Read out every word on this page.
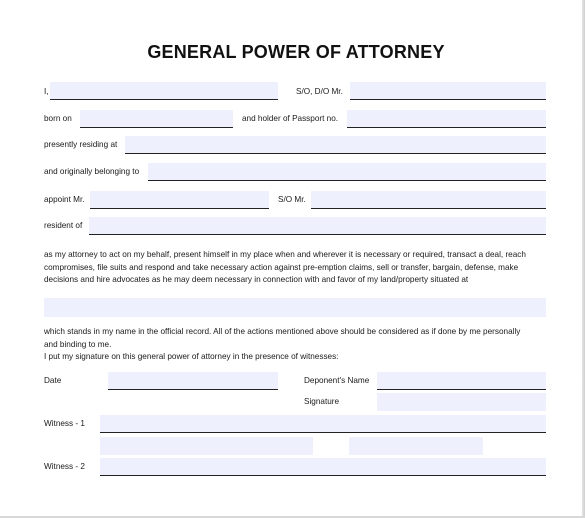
GENERAL POWER OF ATTORNEY
I,	S/O, D/O Mr.
born on	and holder of Passport no.
presently residing at
and originally belonging to
appoint Mr.	S/O Mr.
resident of
as my attorney to act on my behalf, present himself in my place when and wherever it is necessary or required, transact a deal, reach
compromises, file suits and respond and take necessary action against pre-emption claims, sell or transfer, bargain, defense, make
decisions and hire advocates as he may deem necessary in connection with and favor of my land/property situated at
which stands in my name in the official record. All of the actions mentioned above should be considered as if done by me personally
and binding to me.
I put my signature on this general power of attorney in the presence of witnesses:
Date	Deponent's Name
Signature
Witness - 1
Witness - 2
